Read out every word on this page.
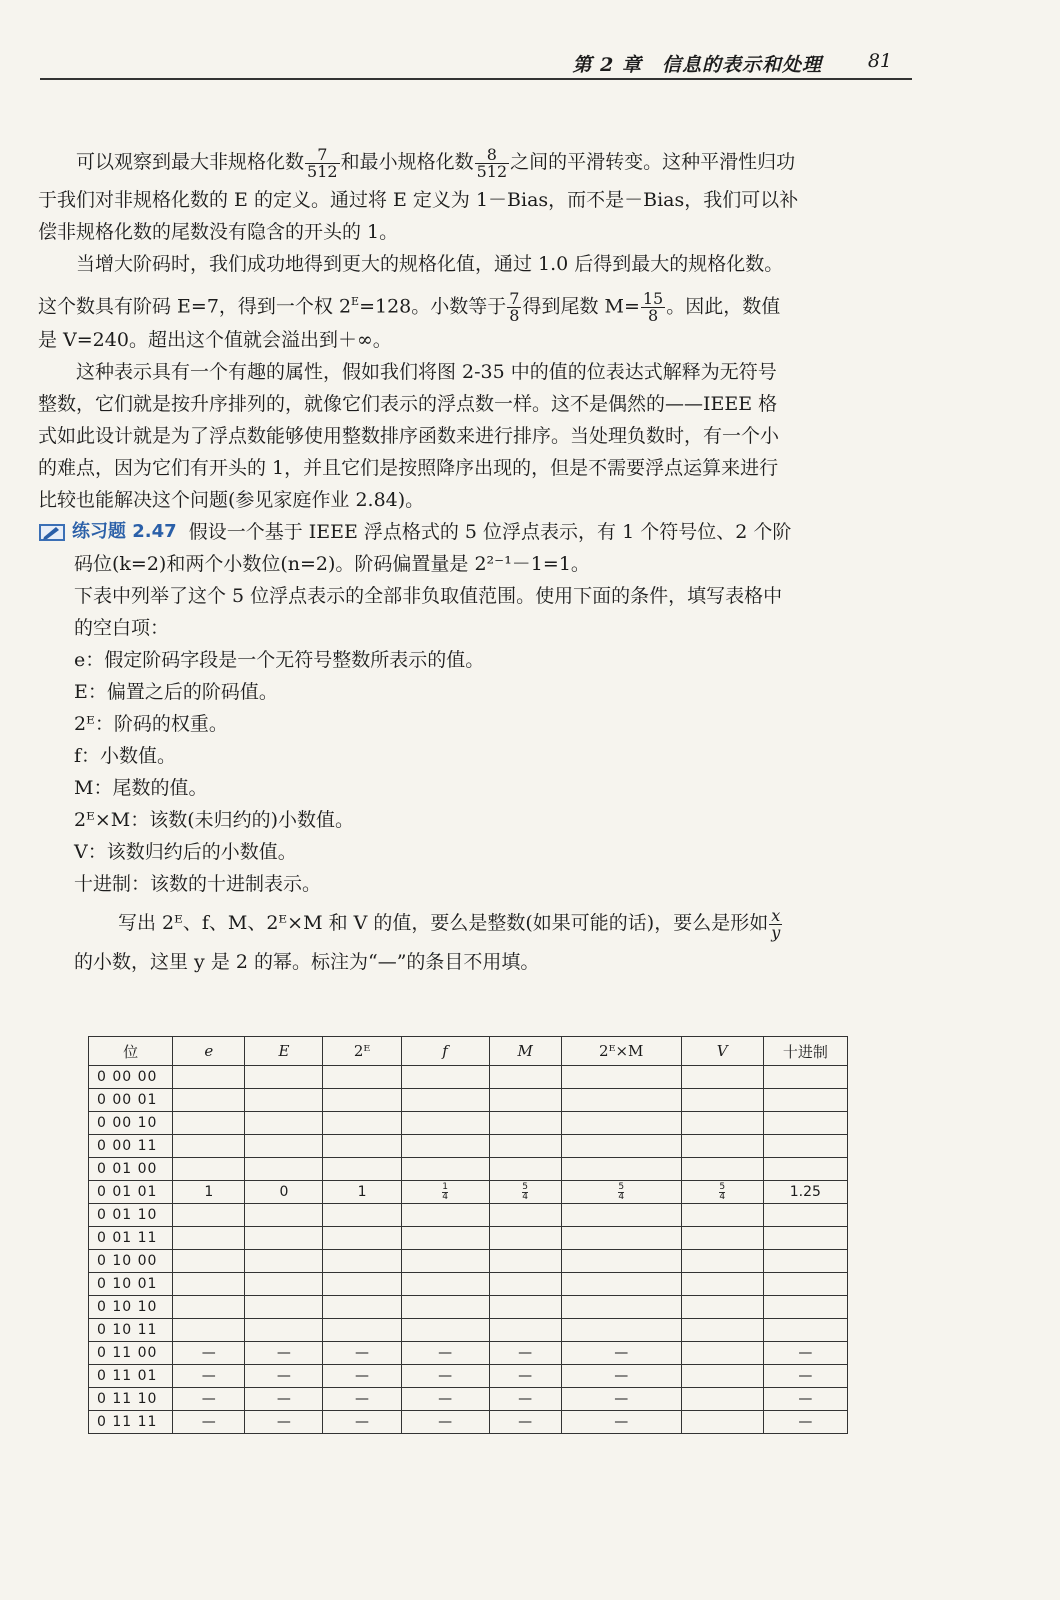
第 2 章　信息的表示和处理 81
可以观察到最大非规格化数 $\frac{7}{512}$ 和最小规格化数 $\frac{8}{512}$ 之间的平滑转变。这种平滑性归功
于我们对非规格化数的 E 的定义。通过将 E 定义为 1－Bias，而不是－Bias，我们可以补
偿非规格化数的尾数没有隐含的开头的 1。
当增大阶码时，我们成功地得到更大的规格化值，通过 1.0 后得到最大的规格化数。
这个数具有阶码 E=7，得到一个权 $2^E=128$。小数等于 $\frac{7}{8}$ 得到尾数 $M= \frac{15}{8}$ 。因此，数值
是 V=240。超出这个值就会溢出到＋∞。
这种表示具有一个有趣的属性，假如我们将图 2-35 中的值的位表达式解释为无符号
整数，它们就是按升序排列的，就像它们表示的浮点数一样。这不是偶然的——IEEE 格
式如此设计就是为了浮点数能够使用整数排序函数来进行排序。当处理负数时，有一个小
的难点，因为它们有开头的 1，并且它们是按照降序出现的，但是不需要浮点运算来进行
比较也能解决这个问题(参见家庭作业 2.84)。
练习题 2.47 假设一个基于 IEEE 浮点格式的 5 位浮点表示，有 1 个符号位、2 个阶
码位(k=2)和两个小数位(n=2)。阶码偏置量是 2²⁻¹－1=1。
下表中列举了这个 5 位浮点表示的全部非负取值范围。使用下面的条件，填写表格中
的空白项：
e：假定阶码字段是一个无符号整数所表示的值。
E：偏置之后的阶码值。
2ᴱ：阶码的权重。
f：小数值。
M：尾数的值。
2ᴱ×M：该数(未归约的)小数值。
V：该数归约后的小数值。
十进制：该数的十进制表示。
写出 2ᴱ、f、M、2ᴱ×M 和 V 的值，要么是整数(如果可能的话)，要么是形如 $\frac{x}{y}$
的小数，这里 y 是 2 的幂。标注为“—”的条目不用填。
位	e	E	2ᴱ	f	M	2ᴱ×M	V	十进制
0 00 00								
0 00 01								
0 00 10								
0 00 11								
0 01 00								
0 01 01	1	0	1	$\frac{1}{4}$	$\frac{5}{4}$	$\frac{5}{4}$	$\frac{5}{4}$	1.25
0 01 10								
0 01 11								
0 10 00								
0 10 01								
0 10 10								
0 10 11								
0 11 00	—	—	—	—	—	—		—
0 11 01	—	—	—	—	—	—		—
0 11 10	—	—	—	—	—	—		—
0 11 11	—	—	—	—	—	—		—
